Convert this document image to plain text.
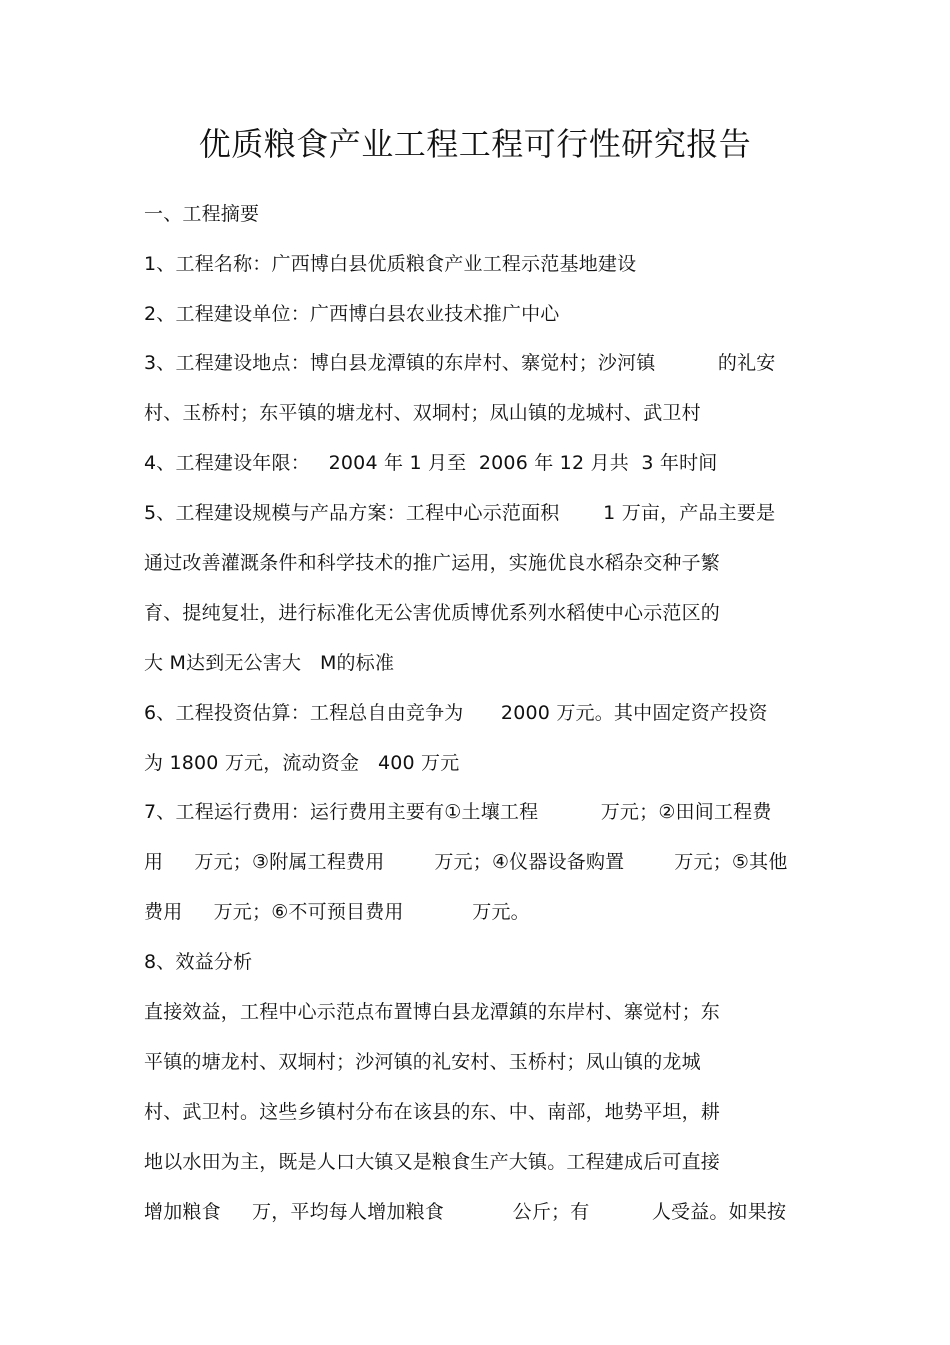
优质粮食产业工程工程可行性研究报告
一、工程摘要
1、工程名称：广西博白县优质粮食产业工程示范基地建设
2、工程建设单位：广西博白县农业技术推广中心
3、工程建设地点：博白县龙潭镇的东岸村、寨觉村；沙河镇          的礼安
村、玉桥村；东平镇的塘龙村、双垌村；凤山镇的龙城村、武卫村
4、工程建设年限：   2004 年 1 月至  2006 年 12 月共  3 年时间
5、工程建设规模与产品方案：工程中心示范面积       1 万亩，产品主要是
通过改善灌溉条件和科学技术的推广运用，实施优良水稻杂交种子繁
育、提纯复壮，进行标准化无公害优质博优系列水稻使中心示范区的
大 M达到无公害大   M的标准
6、工程投资估算：工程总自由竞争为      2000 万元。其中固定资产投资
为 1800 万元，流动资金   400 万元
7、工程运行费用：运行费用主要有①土壤工程          万元；②田间工程费
用     万元；③附属工程费用        万元；④仪器设备购置        万元；⑤其他
费用     万元；⑥不可预目费用           万元。
8、效益分析
直接效益，工程中心示范点布置博白县龙潭鎮的东岸村、寨觉村；东
平镇的塘龙村、双垌村；沙河镇的礼安村、玉桥村；凤山镇的龙城
村、武卫村。这些乡镇村分布在该县的东、中、南部，地势平坦，耕
地以水田为主，既是人口大镇又是粮食生产大镇。工程建成后可直接
增加粮食     万，平均每人增加粮食           公斤；有          人受益。如果按
